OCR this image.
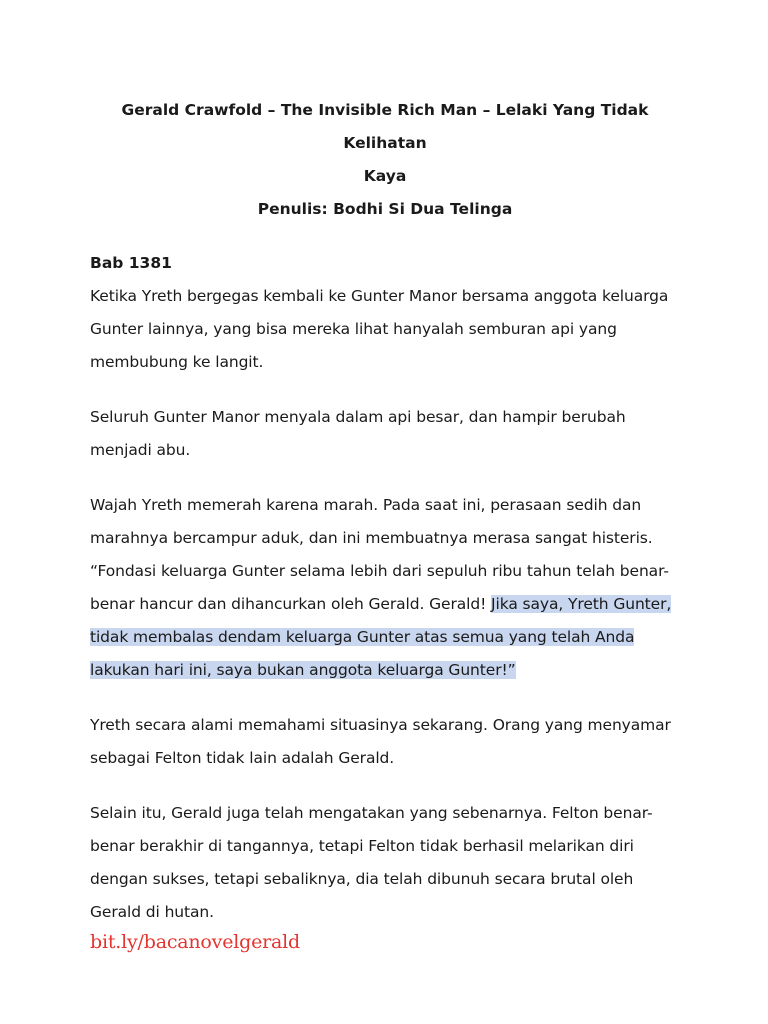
Gerald Crawfold – The Invisible Rich Man – Lelaki Yang Tidak Kelihatan

Kaya

Penulis: Bodhi Si Dua Telinga

Bab 1381

Ketika Yreth bergegas kembali ke Gunter Manor bersama anggota keluarga Gunter lainnya, yang bisa mereka lihat hanyalah semburan api yang membubung ke langit.

Seluruh Gunter Manor menyala dalam api besar, dan hampir berubah menjadi abu.

Wajah Yreth memerah karena marah. Pada saat ini, perasaan sedih dan marahnya bercampur aduk, dan ini membuatnya merasa sangat histeris. “Fondasi keluarga Gunter selama lebih dari sepuluh ribu tahun telah benar-benar hancur dan dihancurkan oleh Gerald. Gerald! Jika saya, Yreth Gunter, tidak membalas dendam keluarga Gunter atas semua yang telah Anda lakukan hari ini, saya bukan anggota keluarga Gunter!”

Yreth secara alami memahami situasinya sekarang. Orang yang menyamar sebagai Felton tidak lain adalah Gerald.

Selain itu, Gerald juga telah mengatakan yang sebenarnya. Felton benar-benar berakhir di tangannya, tetapi Felton tidak berhasil melarikan diri dengan sukses, tetapi sebaliknya, dia telah dibunuh secara brutal oleh Gerald di hutan.

bit.ly/bacanovelgerald
